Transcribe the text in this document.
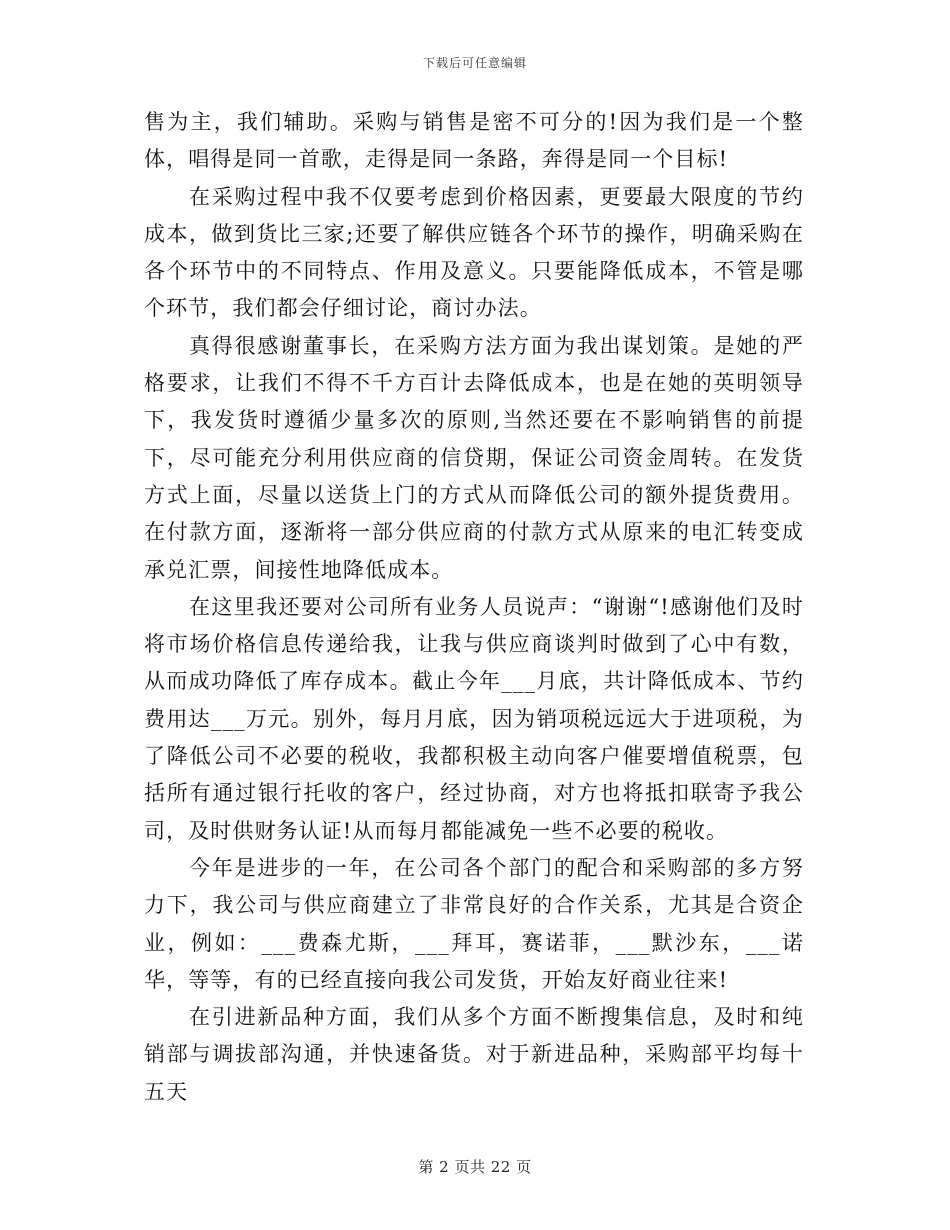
下载后可任意编辑

售为主，我们辅助。采购与销售是密不可分的!因为我们是一个整体，唱得是同一首歌，走得是同一条路，奔得是同一个目标!

在采购过程中我不仅要考虑到价格因素，更要最大限度的节约成本，做到货比三家;还要了解供应链各个环节的操作，明确采购在各个环节中的不同特点、作用及意义。只要能降低成本，不管是哪个环节，我们都会仔细讨论，商讨办法。

真得很感谢董事长，在采购方法方面为我出谋划策。是她的严格要求，让我们不得不千方百计去降低成本，也是在她的英明领导下，我发货时遵循少量多次的原则,当然还要在不影响销售的前提下，尽可能充分利用供应商的信贷期，保证公司资金周转。在发货方式上面，尽量以送货上门的方式从而降低公司的额外提货费用。在付款方面，逐渐将一部分供应商的付款方式从原来的电汇转变成承兑汇票，间接性地降低成本。

在这里我还要对公司所有业务人员说声：“谢谢“!感谢他们及时将市场价格信息传递给我，让我与供应商谈判时做到了心中有数，从而成功降低了库存成本。截止今年___月底，共计降低成本、节约费用达___万元。别外，每月月底，因为销项税远远大于进项税，为了降低公司不必要的税收，我都积极主动向客户催要增值税票，包括所有通过银行托收的客户，经过协商，对方也将抵扣联寄予我公司，及时供财务认证!从而每月都能减免一些不必要的税收。

今年是进步的一年，在公司各个部门的配合和采购部的多方努力下，我公司与供应商建立了非常良好的合作关系，尤其是合资企业，例如：___费森尤斯，___拜耳，赛诺菲，___默沙东，___诺华，等等，有的已经直接向我公司发货，开始友好商业往来!

在引进新品种方面，我们从多个方面不断搜集信息，及时和纯销部与调拔部沟通，并快速备货。对于新进品种，采购部平均每十五天

第 2 页共 22 页
